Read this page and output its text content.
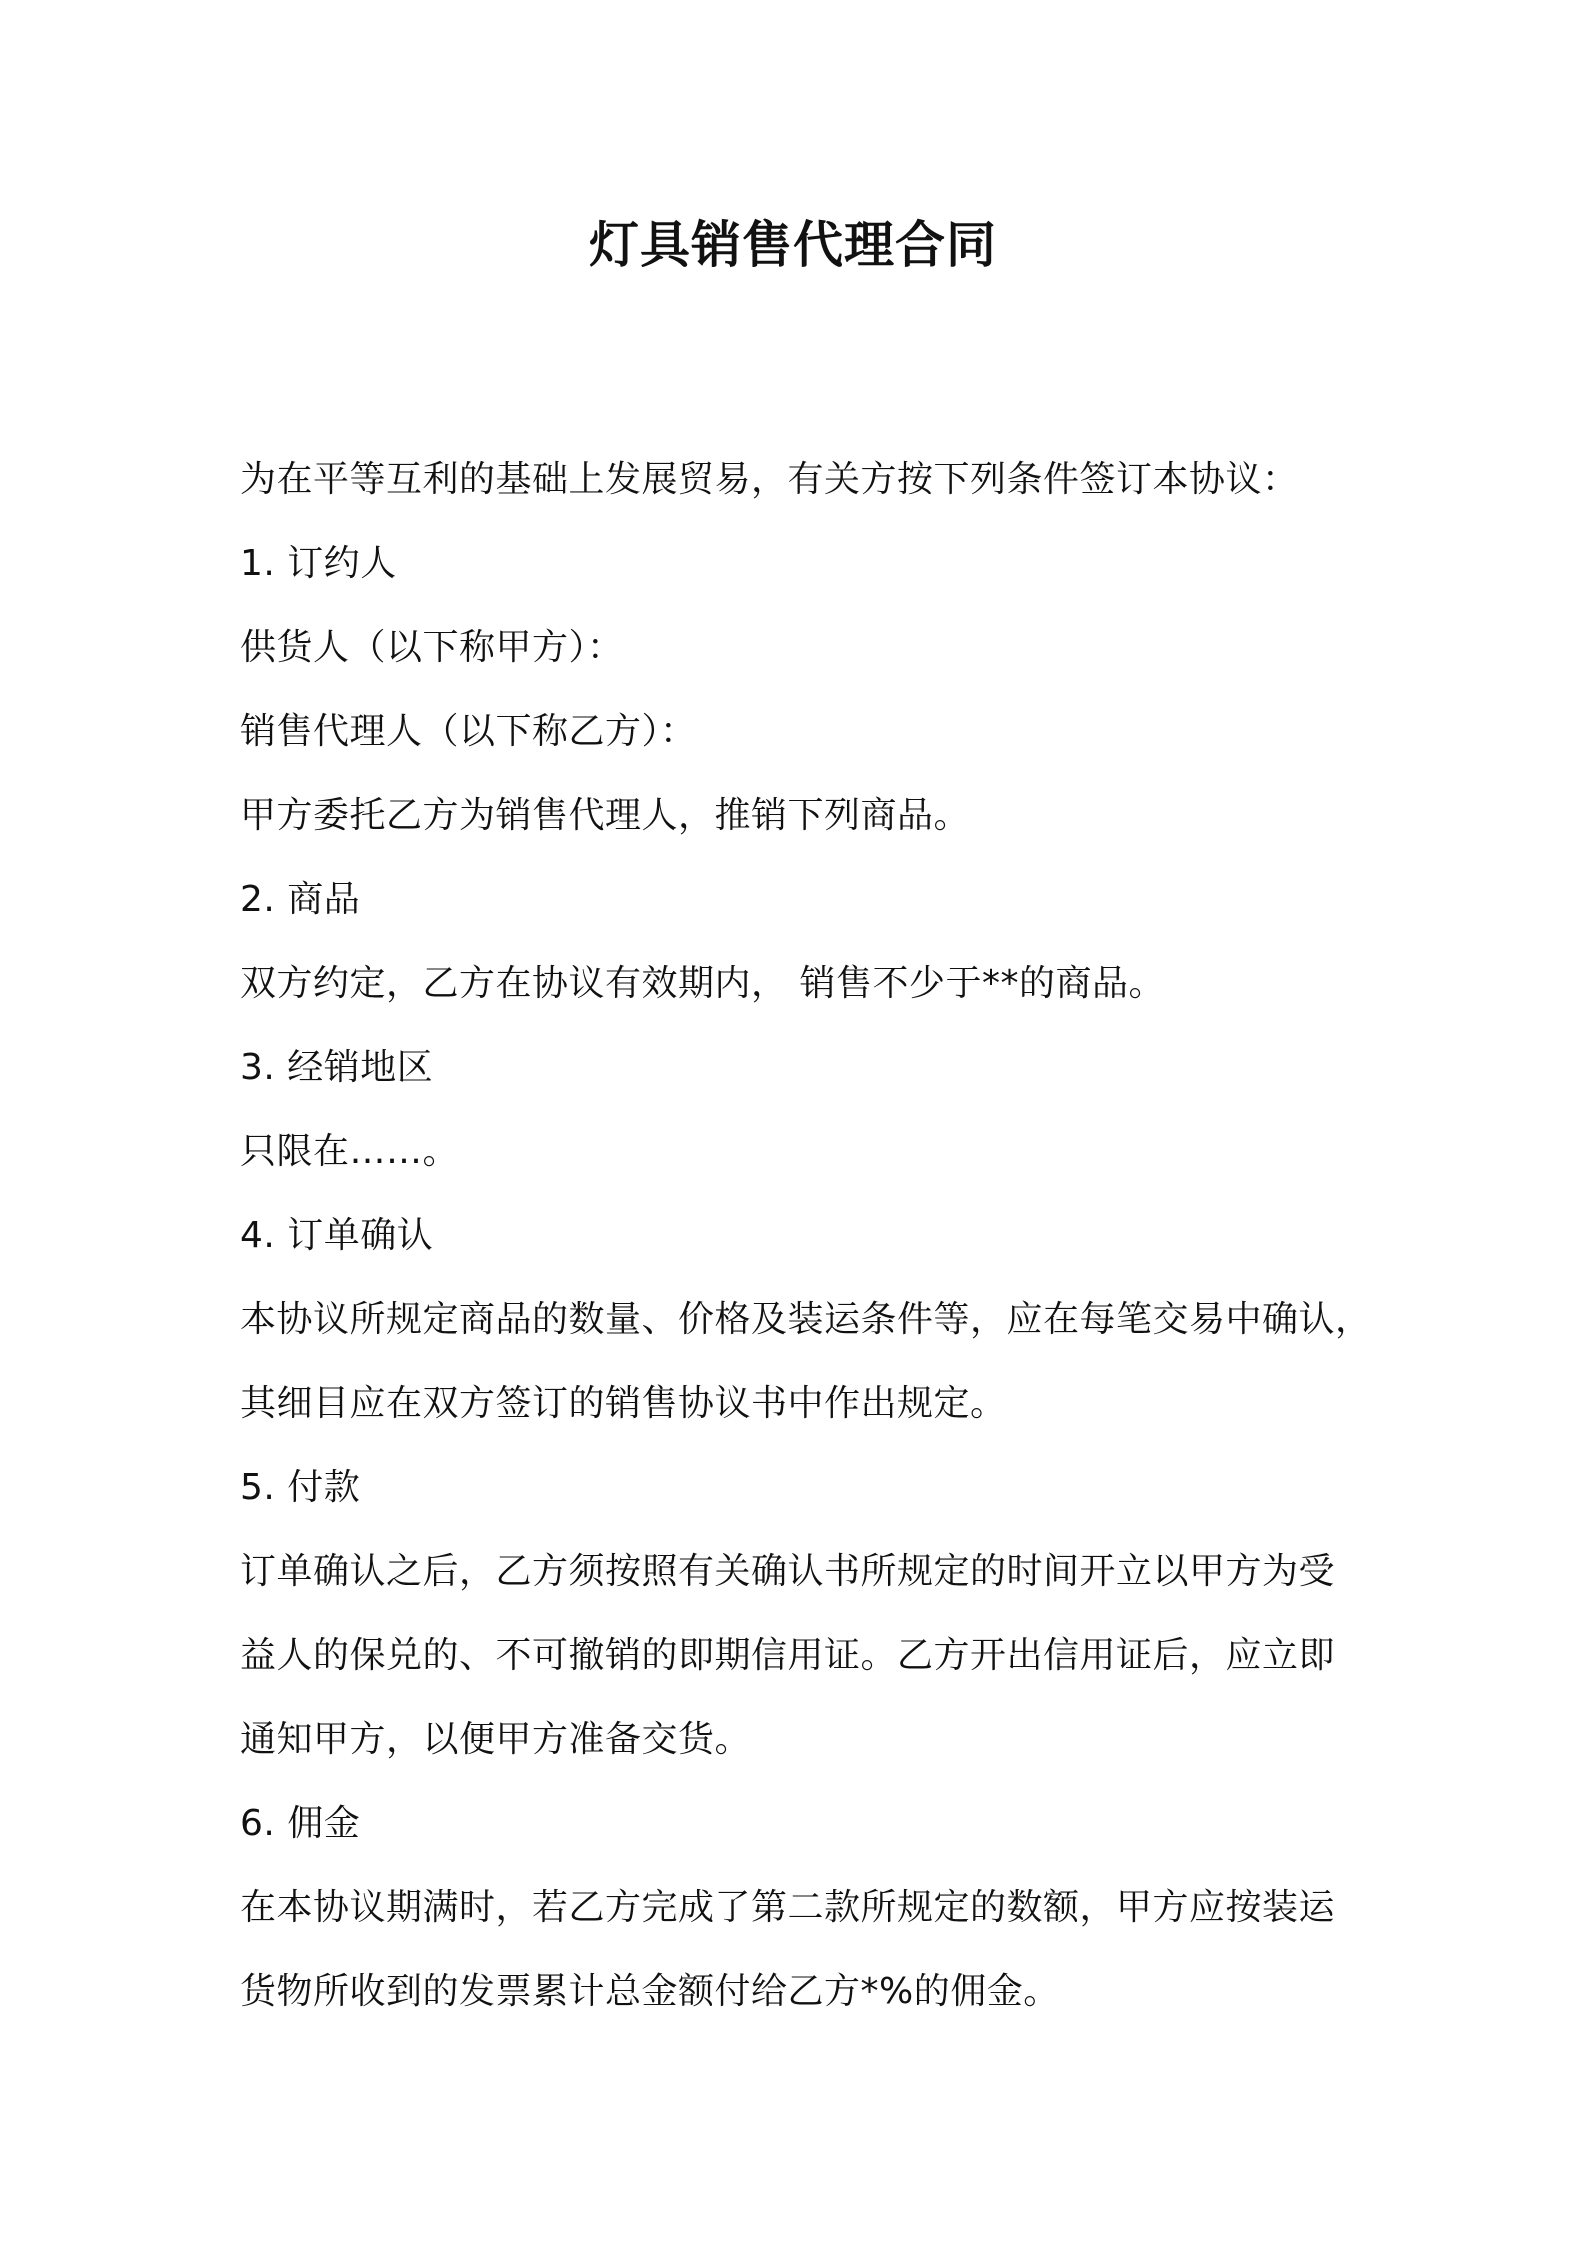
灯具销售代理合同
为在平等互利的基础上发展贸易，有关方按下列条件签订本协议：
1. 订约人
供货人（以下称甲方）：
销售代理人（以下称乙方）：
甲方委托乙方为销售代理人，推销下列商品。
2. 商品
双方约定，乙方在协议有效期内， 销售不少于**的商品。
3. 经销地区
只限在……。
4. 订单确认
本协议所规定商品的数量、价格及装运条件等，应在每笔交易中确认，
其细目应在双方签订的销售协议书中作出规定。
5. 付款
订单确认之后，乙方须按照有关确认书所规定的时间开立以甲方为受
益人的保兑的、不可撤销的即期信用证。乙方开出信用证后，应立即
通知甲方，以便甲方准备交货。
6. 佣金
在本协议期满时，若乙方完成了第二款所规定的数额，甲方应按装运
货物所收到的发票累计总金额付给乙方*%的佣金。
